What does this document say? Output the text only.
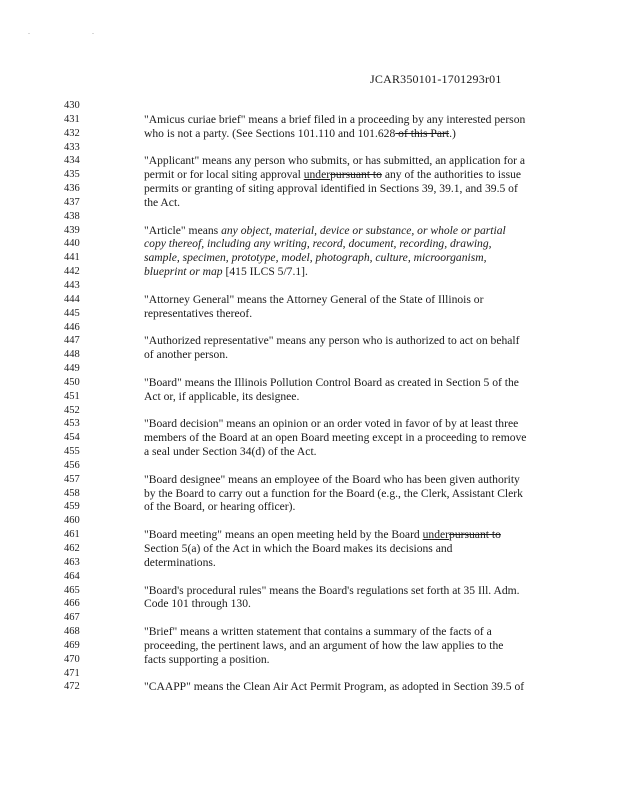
. .
JCAR350101-1701293r01
430
431	"Amicus curiae brief" means a brief filed in a proceeding by any interested person
432	who is not a party. (See Sections 101.110 and 101.628 of this Part.)
433
434	"Applicant" means any person who submits, or has submitted, an application for a
435	permit or for local siting approval underpursuant to any of the authorities to issue
436	permits or granting of siting approval identified in Sections 39, 39.1, and 39.5 of
437	the Act.
438
439	"Article" means any object, material, device or substance, or whole or partial
440	copy thereof, including any writing, record, document, recording, drawing,
441	sample, specimen, prototype, model, photograph, culture, microorganism,
442	blueprint or map [415 ILCS 5/7.1].
443
444	"Attorney General" means the Attorney General of the State of Illinois or
445	representatives thereof.
446
447	"Authorized representative" means any person who is authorized to act on behalf
448	of another person.
449
450	"Board" means the Illinois Pollution Control Board as created in Section 5 of the
451	Act or, if applicable, its designee.
452
453	"Board decision" means an opinion or an order voted in favor of by at least three
454	members of the Board at an open Board meeting except in a proceeding to remove
455	a seal under Section 34(d) of the Act.
456
457	"Board designee" means an employee of the Board who has been given authority
458	by the Board to carry out a function for the Board (e.g., the Clerk, Assistant Clerk
459	of the Board, or hearing officer).
460
461	"Board meeting" means an open meeting held by the Board underpursuant to
462	Section 5(a) of the Act in which the Board makes its decisions and
463	determinations.
464
465	"Board's procedural rules" means the Board's regulations set forth at 35 Ill. Adm.
466	Code 101 through 130.
467
468	"Brief" means a written statement that contains a summary of the facts of a
469	proceeding, the pertinent laws, and an argument of how the law applies to the
470	facts supporting a position.
471
472	"CAAPP" means the Clean Air Act Permit Program, as adopted in Section 39.5 of
